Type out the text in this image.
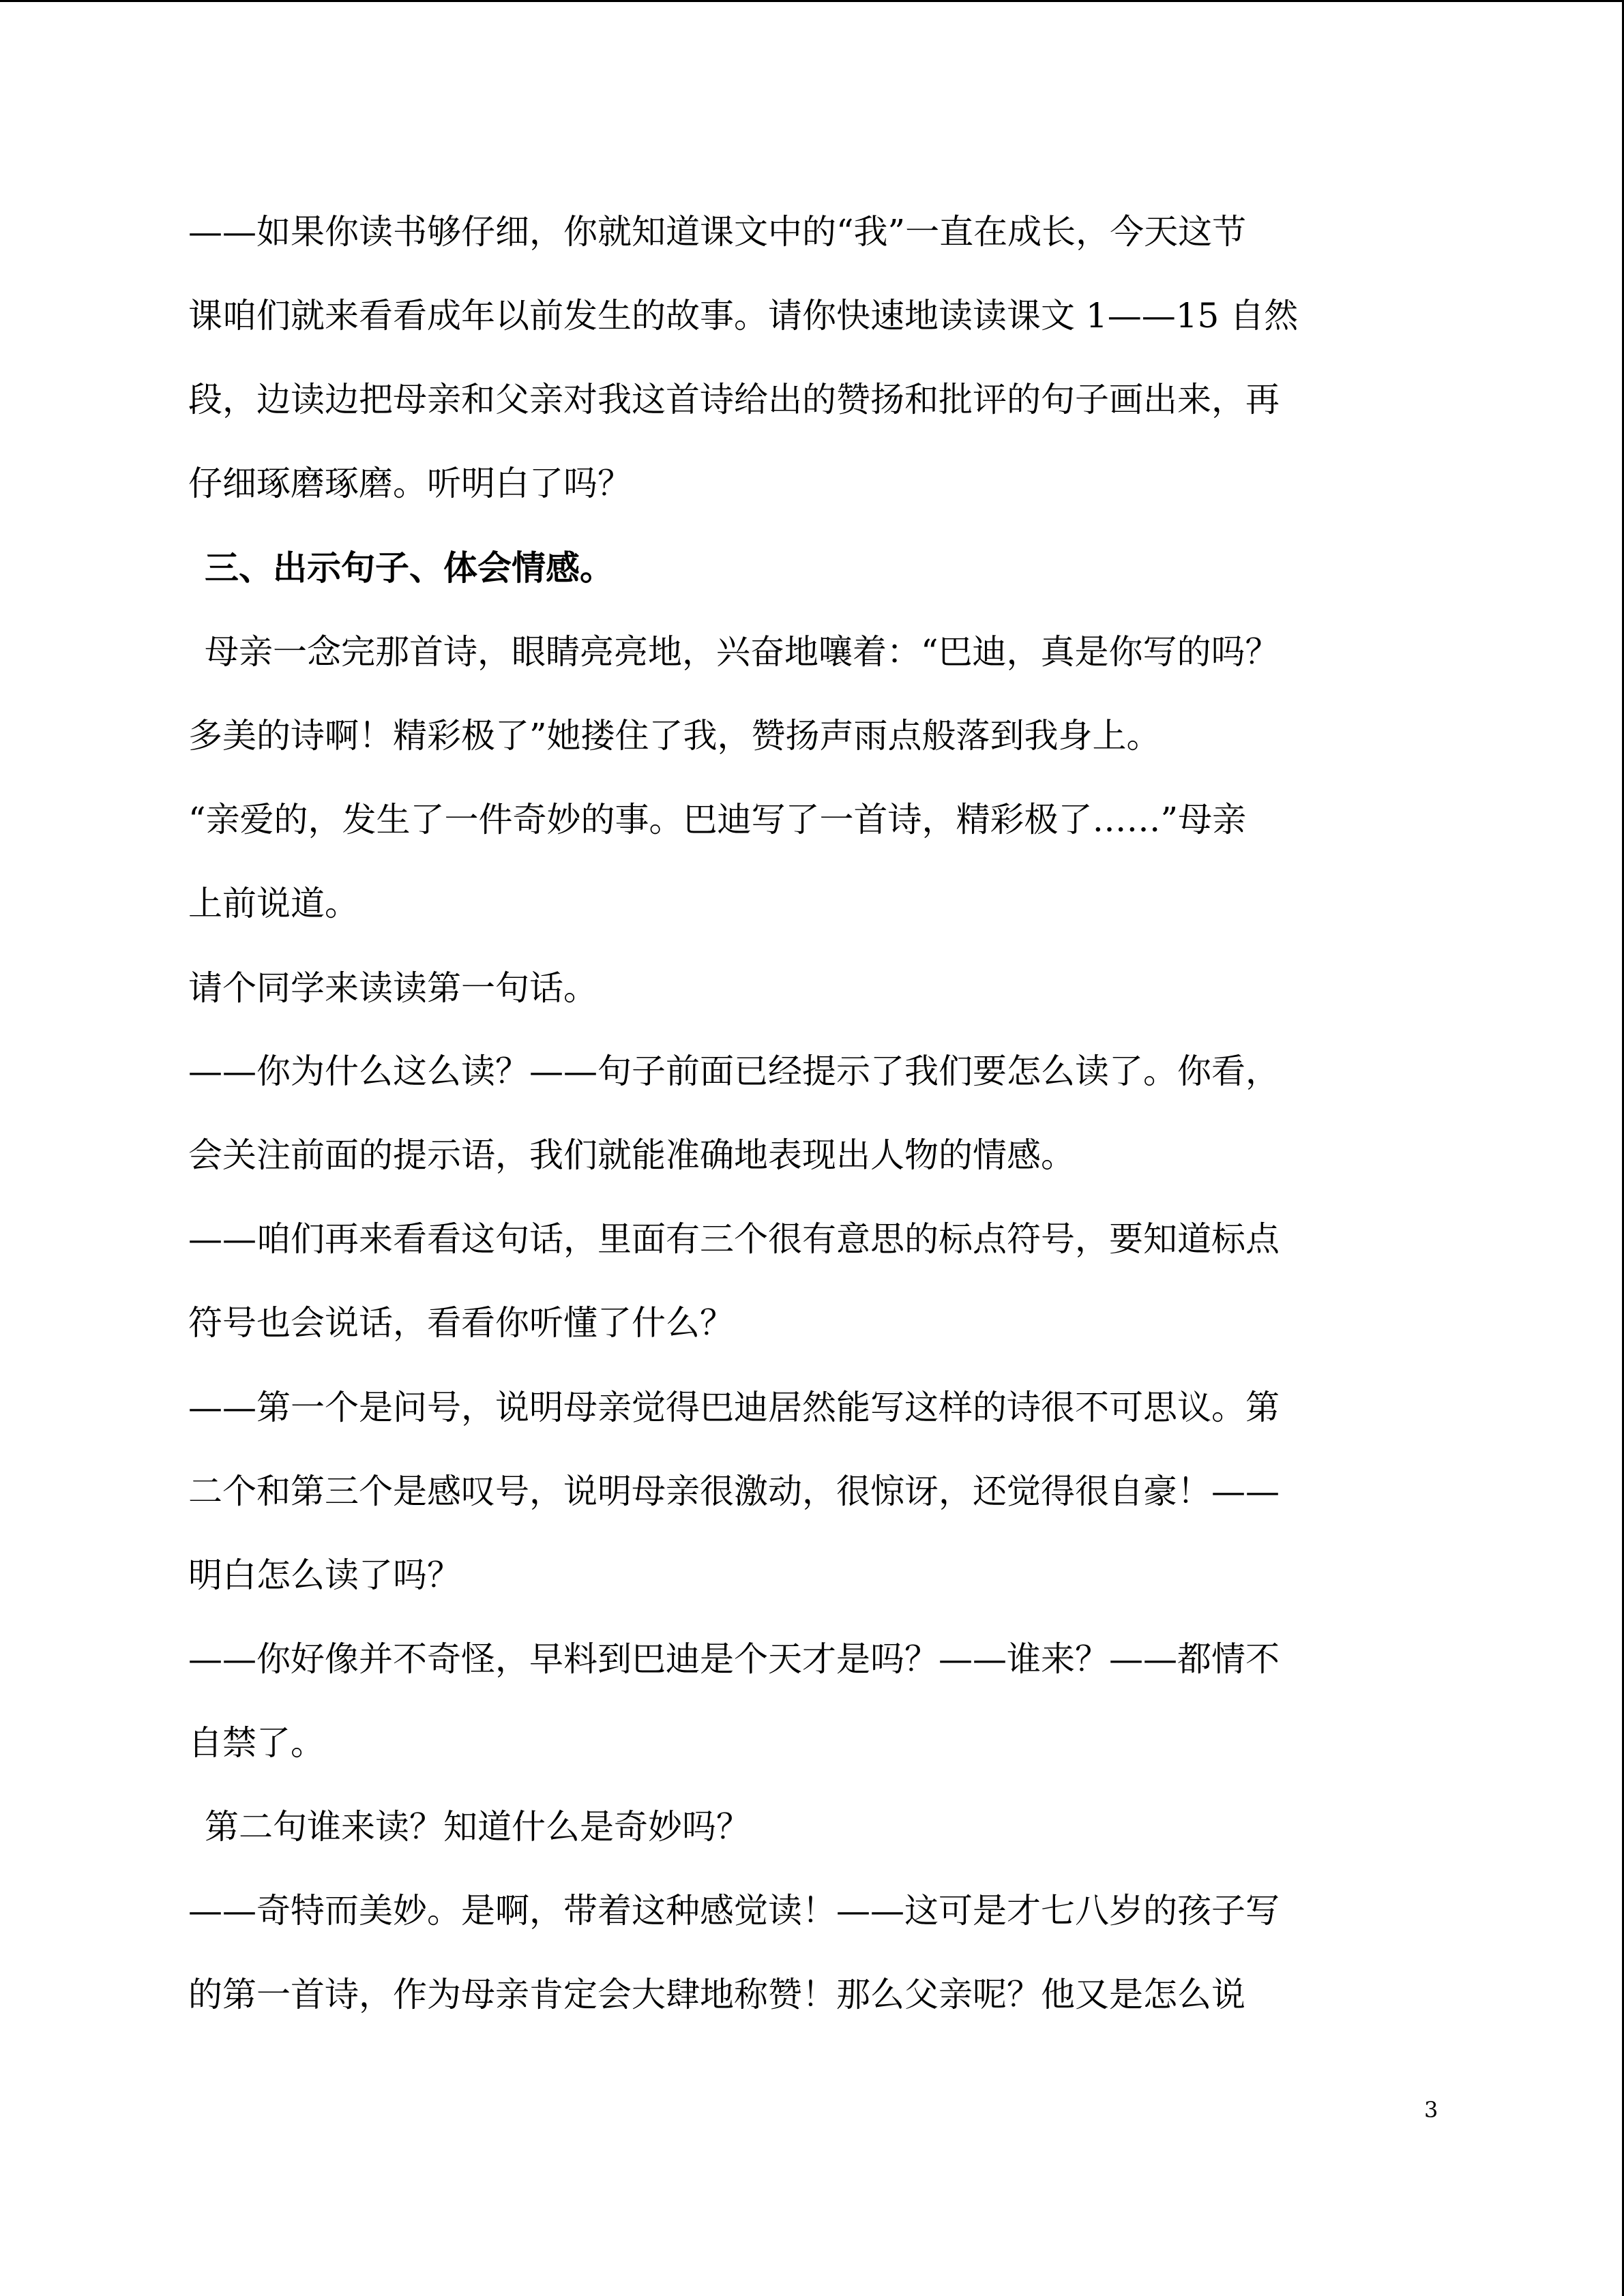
——如果你读书够仔细，你就知道课文中的“我”一直在成长，今天这节
课咱们就来看看成年以前发生的故事。请你快速地读读课文 1——15 自然
段，边读边把母亲和父亲对我这首诗给出的赞扬和批评的句子画出来，再
仔细琢磨琢磨。听明白了吗？
三、出示句子、体会情感。
母亲一念完那首诗，眼睛亮亮地，兴奋地嚷着：“巴迪，真是你写的吗？
多美的诗啊！精彩极了”她搂住了我，赞扬声雨点般落到我身上。
“亲爱的，发生了一件奇妙的事。巴迪写了一首诗，精彩极了……”母亲
上前说道。
请个同学来读读第一句话。
——你为什么这么读？——句子前面已经提示了我们要怎么读了。你看，
会关注前面的提示语，我们就能准确地表现出人物的情感。
——咱们再来看看这句话，里面有三个很有意思的标点符号，要知道标点
符号也会说话，看看你听懂了什么？
——第一个是问号，说明母亲觉得巴迪居然能写这样的诗很不可思议。第
二个和第三个是感叹号，说明母亲很激动，很惊讶，还觉得很自豪！——
明白怎么读了吗？
——你好像并不奇怪，早料到巴迪是个天才是吗？——谁来？——都情不
自禁了。
第二句谁来读？知道什么是奇妙吗？
——奇特而美妙。是啊，带着这种感觉读！——这可是才七八岁的孩子写
的第一首诗，作为母亲肯定会大肆地称赞！那么父亲呢？他又是怎么说
3
